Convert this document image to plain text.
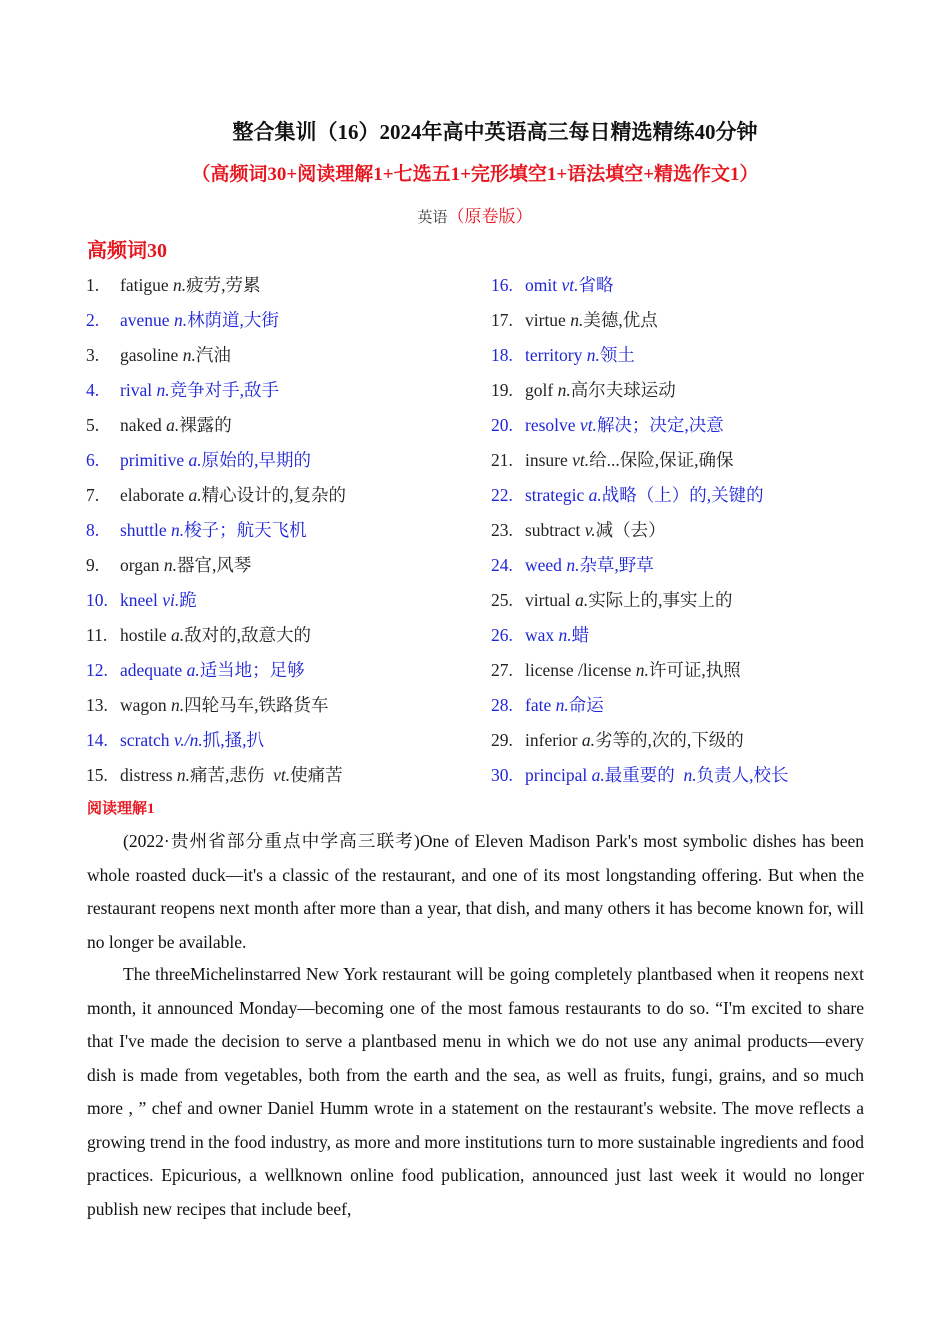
整合集训（16）2024年高中英语高三每日精选精练40分钟
（高频词30+阅读理解1+七选五1+完形填空1+语法填空+精选作文1）
英语（原卷版）
高频词30
1. fatigue n.疲劳,劳累
2. avenue n.林荫道,大街
3. gasoline n.汽油
4. rival n.竞争对手,敌手
5. naked a.裸露的
6. primitive a.原始的,早期的
7. elaborate a.精心设计的,复杂的
8. shuttle n.梭子；航天飞机
9. organ n.器官,风琴
10. kneel vi.跪
11. hostile a.敌对的,敌意大的
12. adequate a.适当地；足够
13. wagon n.四轮马车,铁路货车
14. scratch v./n.抓,搔,扒
15. distress n.痛苦,悲伤 vt.使痛苦
16. omit vt.省略
17. virtue n.美德,优点
18. territory n.领土
19. golf n.高尔夫球运动
20. resolve vt.解决；决定,决意
21. insure vt.给...保险,保证,确保
22. strategic a.战略（上）的,关键的
23. subtract v.减（去）
24. weed n.杂草,野草
25. virtual a.实际上的,事实上的
26. wax n.蜡
27. license /license n.许可证,执照
28. fate n.命运
29. inferior a.劣等的,次的,下级的
30. principal a.最重要的 n.负责人,校长
阅读理解1

(2022·贵州省部分重点中学高三联考)One of Eleven Madison Park's most symbolic dishes has been whole roasted duck—it's a classic of the restaurant, and one of its most longstanding offering. But when the restaurant reopens next month after more than a year, that dish, and many others it has become known for, will no longer be available.

The threeMichelinstarred New York restaurant will be going completely plantbased when it reopens next month, it announced Monday—becoming one of the most famous restaurants to do so. “I'm excited to share that I've made the decision to serve a plantbased menu in which we do not use any animal products—every dish is made from vegetables, both from the earth and the sea, as well as fruits, fungi, grains, and so much more , ” chef and owner Daniel Humm wrote in a statement on the restaurant's website. The move reflects a growing trend in the food industry, as more and more institutions turn to more sustainable ingredients and food practices. Epicurious, a wellknown online food publication, announced just last week it would no longer publish new recipes that include beef,
